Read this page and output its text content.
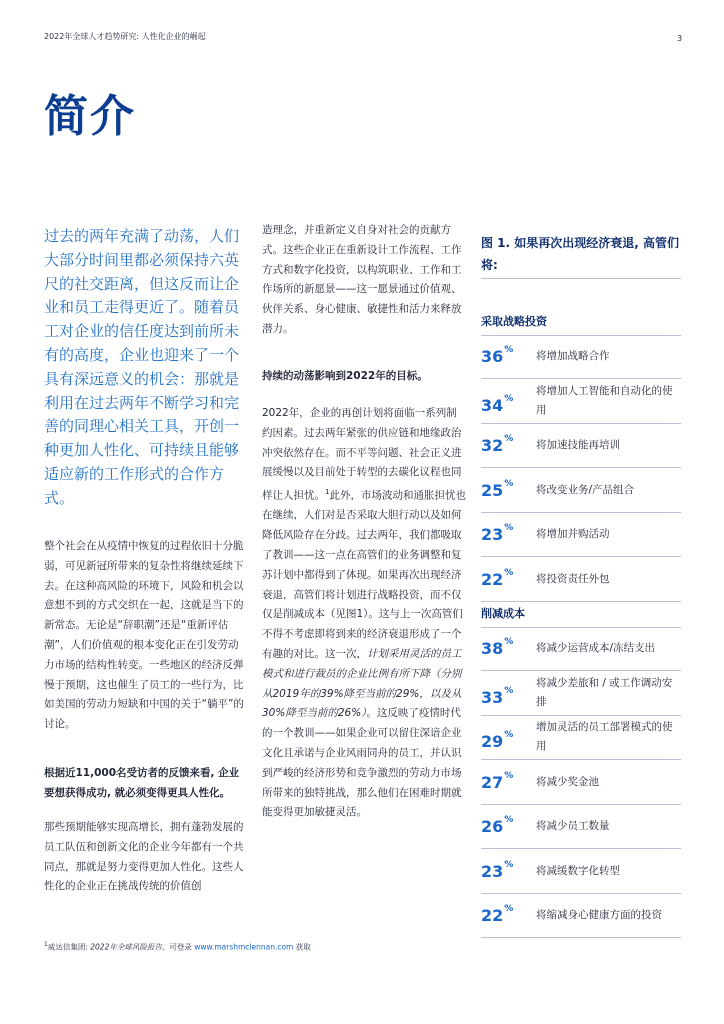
2022年全球人才趋势研究: 人性化企业的崛起	3
简介
过去的两年充满了动荡，人们大部分时间里都必须保持六英尺的社交距离，但这反而让企业和员工走得更近了。随着员工对企业的信任度达到前所未有的高度，企业也迎来了一个具有深远意义的机会：那就是利用在过去两年不断学习和完善的同理心相关工具，开创一种更加人性化、可持续且能够适应新的工作形式的合作方式。
整个社会在从疫情中恢复的过程依旧十分脆弱，可见新冠所带来的复杂性将继续延续下去。在这种高风险的环境下，风险和机会以意想不到的方式交织在一起，这就是当下的新常态。无论是“辞职潮”还是“重新评估潮”，人们价值观的根本变化正在引发劳动力市场的结构性转变。一些地区的经济反弹慢于预期，这也催生了员工的一些行为，比如美国的劳动力短缺和中国的关于“躺平”的讨论。
根据近11,000名受访者的反馈来看, 企业要想获得成功, 就必须变得更具人性化。
那些预期能够实现高增长，拥有蓬勃发展的员工队伍和创新文化的企业今年都有一个共同点，那就是努力变得更加人性化。这些人性化的企业正在挑战传统的价值创
造理念，并重新定义自身对社会的贡献方式。这些企业正在重新设计工作流程、工作方式和数字化投资，以构筑职业、工作和工作场所的新愿景——这一愿景通过价值观、伙伴关系、身心健康、敏捷性和活力来释放潜力。
持续的动荡影响到2022年的目标。
2022年，企业的再创计划将面临一系列制约因素。过去两年紧张的供应链和地缘政治冲突依然存在。而不平等问题、社会正义进展缓慢以及目前处于转型的去碳化议程也同样让人担忧。$^1$此外，市场波动和通胀担忧也在继续，人们对是否采取大胆行动以及如何降低风险存在分歧。过去两年，我们都吸取了教训——这一点在高管们的业务调整和复苏计划中都得到了体现。如果再次出现经济衰退，高管们将计划进行战略投资，而不仅仅是削减成本（见图1）。这与上一次高管们不得不考虑即将到来的经济衰退形成了一个有趣的对比。这一次，计划采用灵活的员工模式和进行裁员的企业比例有所下降（分别从2019年的39%降至当前的29%，以及从30%降至当前的26%）。这反映了疫情时代的一个教训——如果企业可以留住深谙企业文化且承诺与企业风雨同舟的员工，并认识到严峻的经济形势和竞争激烈的劳动力市场所带来的独特挑战，那么他们在困难时期就能变得更加敏捷灵活。
图 1. 如果再次出现经济衰退, 高管们将:
采取战略投资
36% 将增加战略合作
34%
将增加人工智能和自动化的使用
32% 将加速技能再培训
25% 将改变业务/产品组合
23% 将增加并购活动
22% 将投资责任外包
削减成本
38% 将减少运营成本/冻结支出
33%
将减少差旅和 / 或工作调动安排
29%
增加灵活的员工部署模式的使用
27% 将减少奖金池
26% 将减少员工数量
23% 将减缓数字化转型
22% 将缩减身心健康方面的投资
$^1$威达信集团: 2022年全球风险报告。可登录 www.marshmclennan.com 获取
